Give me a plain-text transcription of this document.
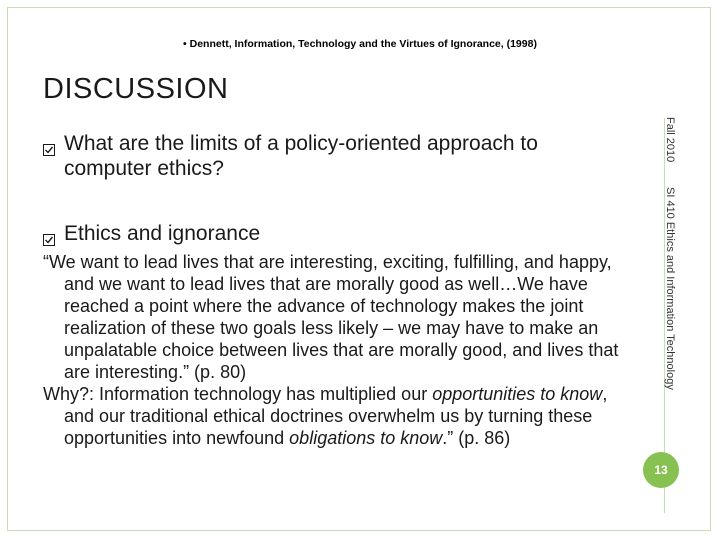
• Dennett, Information, Technology and the Virtues of Ignorance, (1998)
DISCUSSION
What are the limits of a policy-oriented approach to computer ethics?
Ethics and ignorance

“We want to lead lives that are interesting, exciting, fulfilling, and happy, and we want to lead lives that are morally good as well…We have reached a point where the advance of technology makes the joint realization of these two goals less likely – we may have to make an unpalatable choice between lives that are morally good, and lives that are interesting.” (p. 80)

Why?: Information technology has multiplied our opportunities to know, and our traditional ethical doctrines overwhelm us by turning these opportunities into newfound obligations to know.” (p. 86)

Fall 2010
SI 410 Ethics and Information Technology
13
